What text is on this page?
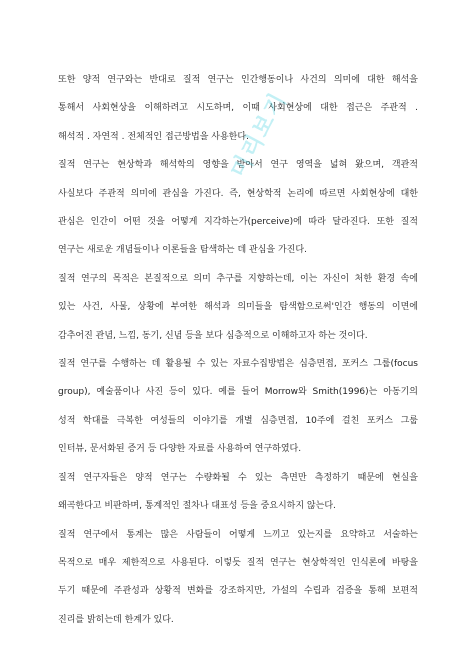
또한 양적 연구와는 반대로 질적 연구는 인간행동이나 사건의 의미에 대한 해석을
통해서 사회현상을 이해하려고 시도하며, 이때 사회현상에 대한 접근은 주관적 .
해석적 . 자연적 . 전체적인 접근방법을 사용한다.
질적 연구는 현상학과 해석학의 영향을 받아서 연구 영역을 넓혀 왔으며, 객관적
사실보다 주관적 의미에 관심을 가진다. 즉, 현상학적 논리에 따르면 사회현상에 대한
관심은 인간이 어떤 것을 어떻게 지각하는가(perceive)에 따라 달라진다. 또한 질적
연구는 새로운 개념들이나 이론들을 탐색하는 데 관심을 가진다.
질적 연구의 목적은 본질적으로 의미 추구를 지향하는데, 이는 자신이 처한 환경 속에
있는 사건, 사물, 상황에 부여한 해석과 의미들을 탐색함으로써'인간 행동의 이면에
감추어진 관념, 느낌, 동기, 신념 등을 보다 심층적으로 이해하고자 하는 것이다.
질적 연구를 수행하는 데 활용될 수 있는 자료수집방법은 심층면접, 포커스 그룹(focus
group), 예술품이나 사진 등이 있다. 예를 들어 Morrow와 Smith(1996)는 아동기의
성적 학대를 극복한 여성들의 이야기를 개별 심층면접, 10주에 걸친 포커스 그룹
인터뷰, 문서화된 증거 등 다양한 자료를 사용하여 연구하였다.
질적 연구자들은 양적 연구는 수량화될 수 있는 측면만 측정하기 때문에 현실을
왜곡한다고 비판하며, 통계적인 절차나 대표성 등을 중요시하지 않는다.
질적 연구에서 통계는 많은 사람들이 어떻게 느끼고 있는지를 요약하고 서술하는
목적으로 매우 제한적으로 사용된다. 이렇듯 질적 연구는 현상학적인 인식론에 바탕을
두기 때문에 주관성과 상황적 변화를 강조하지만, 가설의 수립과 검증을 통해 보편적
진리를 밝히는데 한계가 있다.
미리보기
